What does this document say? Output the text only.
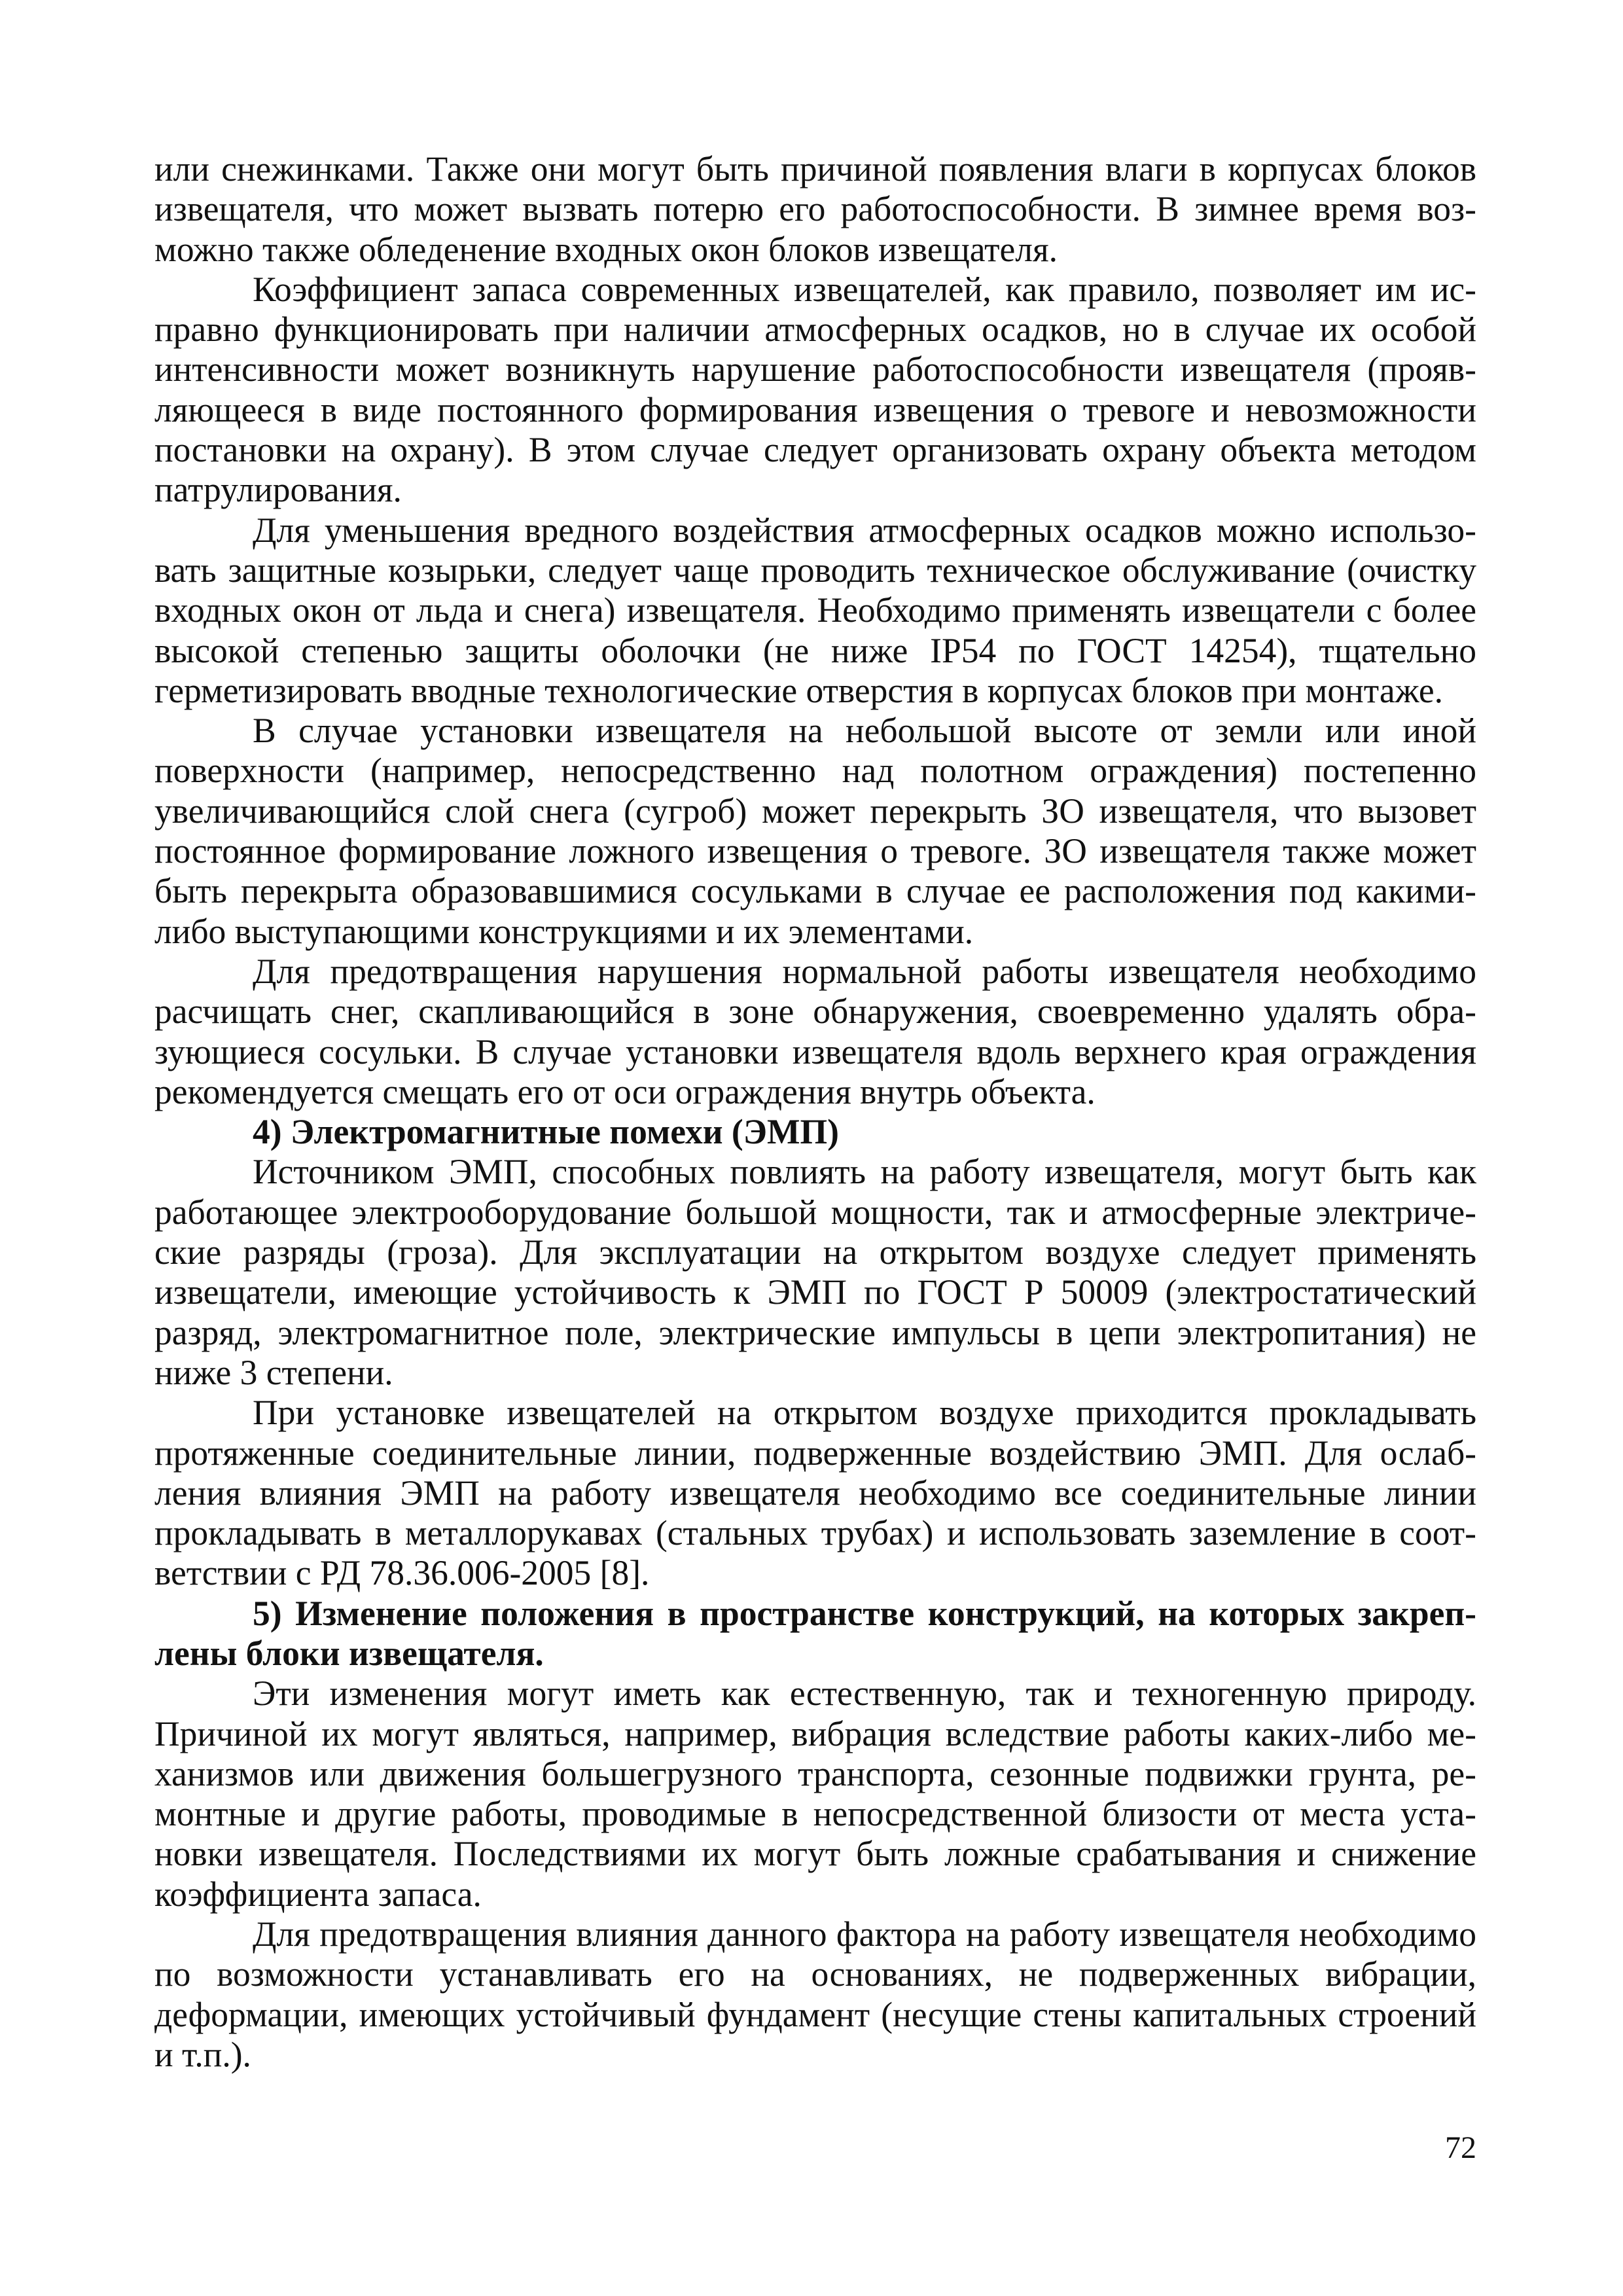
или снежинками. Также они могут быть причиной появления влаги в корпусах блоков извещателя, что может вызвать потерю его работоспособности. В зимнее время возможно также обледенение входных окон блоков извещателя.

Коэффициент запаса современных извещателей, как правило, позволяет им исправно функционировать при наличии атмосферных осадков, но в случае их особой интенсивности может возникнуть нарушение работоспособности извещателя (проявляющееся в виде постоянного формирования извещения о тревоге и невозможности постановки на охрану). В этом случае следует организовать охрану объекта методом патрулирования.

Для уменьшения вредного воздействия атмосферных осадков можно использовать защитные козырьки, следует чаще проводить техническое обслуживание (очистку входных окон от льда и снега) извещателя. Необходимо применять извещатели с более высокой степенью защиты оболочки (не ниже IP54 по ГОСТ 14254), тщательно герметизировать вводные технологические отверстия в корпусах блоков при монтаже.

В случае установки извещателя на небольшой высоте от земли или иной поверхности (например, непосредственно над полотном ограждения) постепенно увеличивающийся слой снега (сугроб) может перекрыть ЗО извещателя, что вызовет постоянное формирование ложного извещения о тревоге. ЗО извещателя также может быть перекрыта образовавшимися сосульками в случае ее расположения под какими-либо выступающими конструкциями и их элементами.

Для предотвращения нарушения нормальной работы извещателя необходимо расчищать снег, скапливающийся в зоне обнаружения, своевременно удалять образующиеся сосульки. В случае установки извещателя вдоль верхнего края ограждения рекомендуется смещать его от оси ограждения внутрь объекта.

4) Электромагнитные помехи (ЭМП)

Источником ЭМП, способных повлиять на работу извещателя, могут быть как работающее электрооборудование большой мощности, так и атмосферные электрические разряды (гроза). Для эксплуатации на открытом воздухе следует применять извещатели, имеющие устойчивость к ЭМП по ГОСТ Р 50009 (электростатический разряд, электромагнитное поле, электрические импульсы в цепи электропитания) не ниже 3 степени.

При установке извещателей на открытом воздухе приходится прокладывать протяженные соединительные линии, подверженные воздействию ЭМП. Для ослабления влияния ЭМП на работу извещателя необходимо все соединительные линии прокладывать в металлорукавах (стальных трубах) и использовать заземление в соответствии с РД 78.36.006-2005 [8].

5) Изменение положения в пространстве конструкций, на которых закреплены блоки извещателя.

Эти изменения могут иметь как естественную, так и техногенную природу. Причиной их могут являться, например, вибрация вследствие работы каких-либо механизмов или движения большегрузного транспорта, сезонные подвижки грунта, ремонтные и другие работы, проводимые в непосредственной близости от места установки извещателя. Последствиями их могут быть ложные срабатывания и снижение коэффициента запаса.

Для предотвращения влияния данного фактора на работу извещателя необходимо по возможности устанавливать его на основаниях, не подверженных вибрации, деформации, имеющих устойчивый фундамент (несущие стены капитальных строений и т.п.).

72
